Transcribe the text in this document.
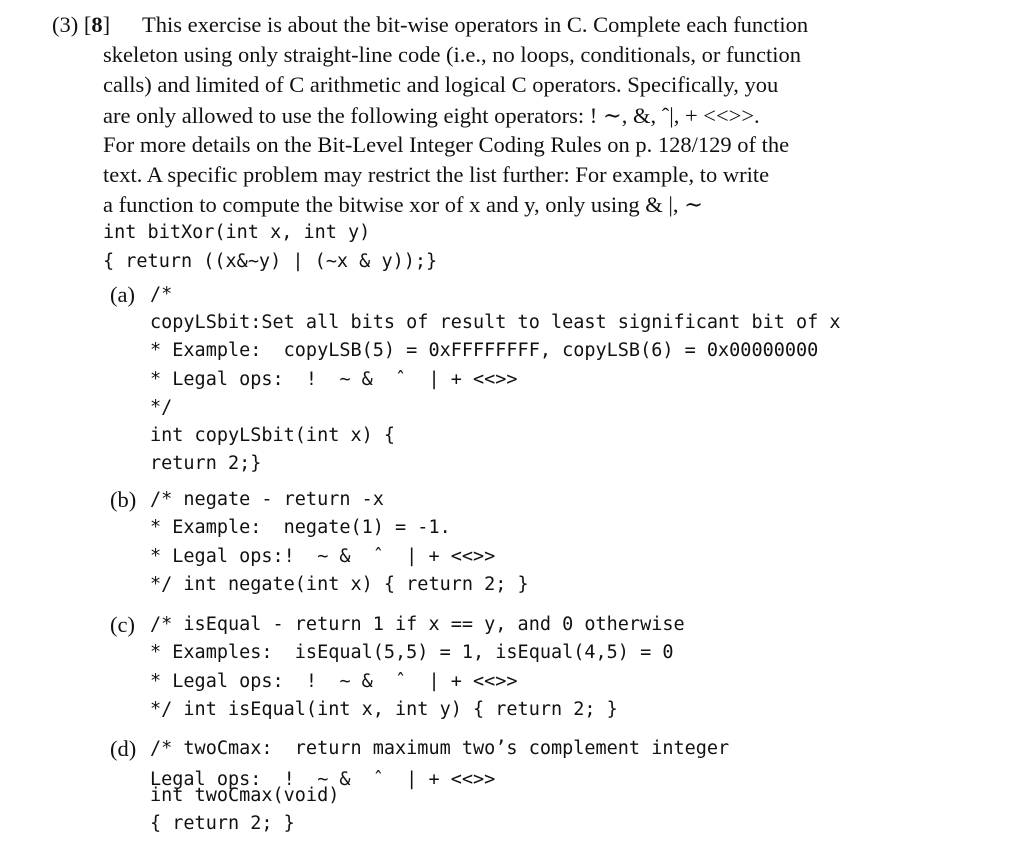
(3) [8] This exercise is about the bit-wise operators in C. Complete each function
skeleton using only straight-line code (i.e., no loops, conditionals, or function
calls) and limited of C arithmetic and logical C operators. Specifically, you
are only allowed to use the following eight operators: ! ∼, &, ˆ|, + <<>>.
For more details on the Bit-Level Integer Coding Rules on p. 128/129 of the
text. A specific problem may restrict the list further: For example, to write
a function to compute the bitwise xor of x and y, only using & |, ∼
int bitXor(int x, int y)
{ return ((x&∼y) | (∼x & y));}
(a) /*
copyLSbit:Set all bits of result to least significant bit of x
* Example:  copyLSB(5) = 0xFFFFFFFF, copyLSB(6) = 0x00000000
* Legal ops:  !  ∼ &  ˆ  | + <<>>
*/
int copyLSbit(int x) {
return 2;}
(b) /* negate - return -x
* Example:  negate(1) = -1.
* Legal ops:!  ∼ &  ˆ  | + <<>>
*/ int negate(int x) { return 2; }
(c) /* isEqual - return 1 if x == y, and 0 otherwise
* Examples:  isEqual(5,5) = 1, isEqual(4,5) = 0
* Legal ops:  !  ∼ &  ˆ  | + <<>>
*/ int isEqual(int x, int y) { return 2; }
(d) /* twoCmax:  return maximum two’s complement integer
Legal ops:  !  ∼ &  ˆ  | + <<>>
int twoCmax(void)
{ return 2; }
